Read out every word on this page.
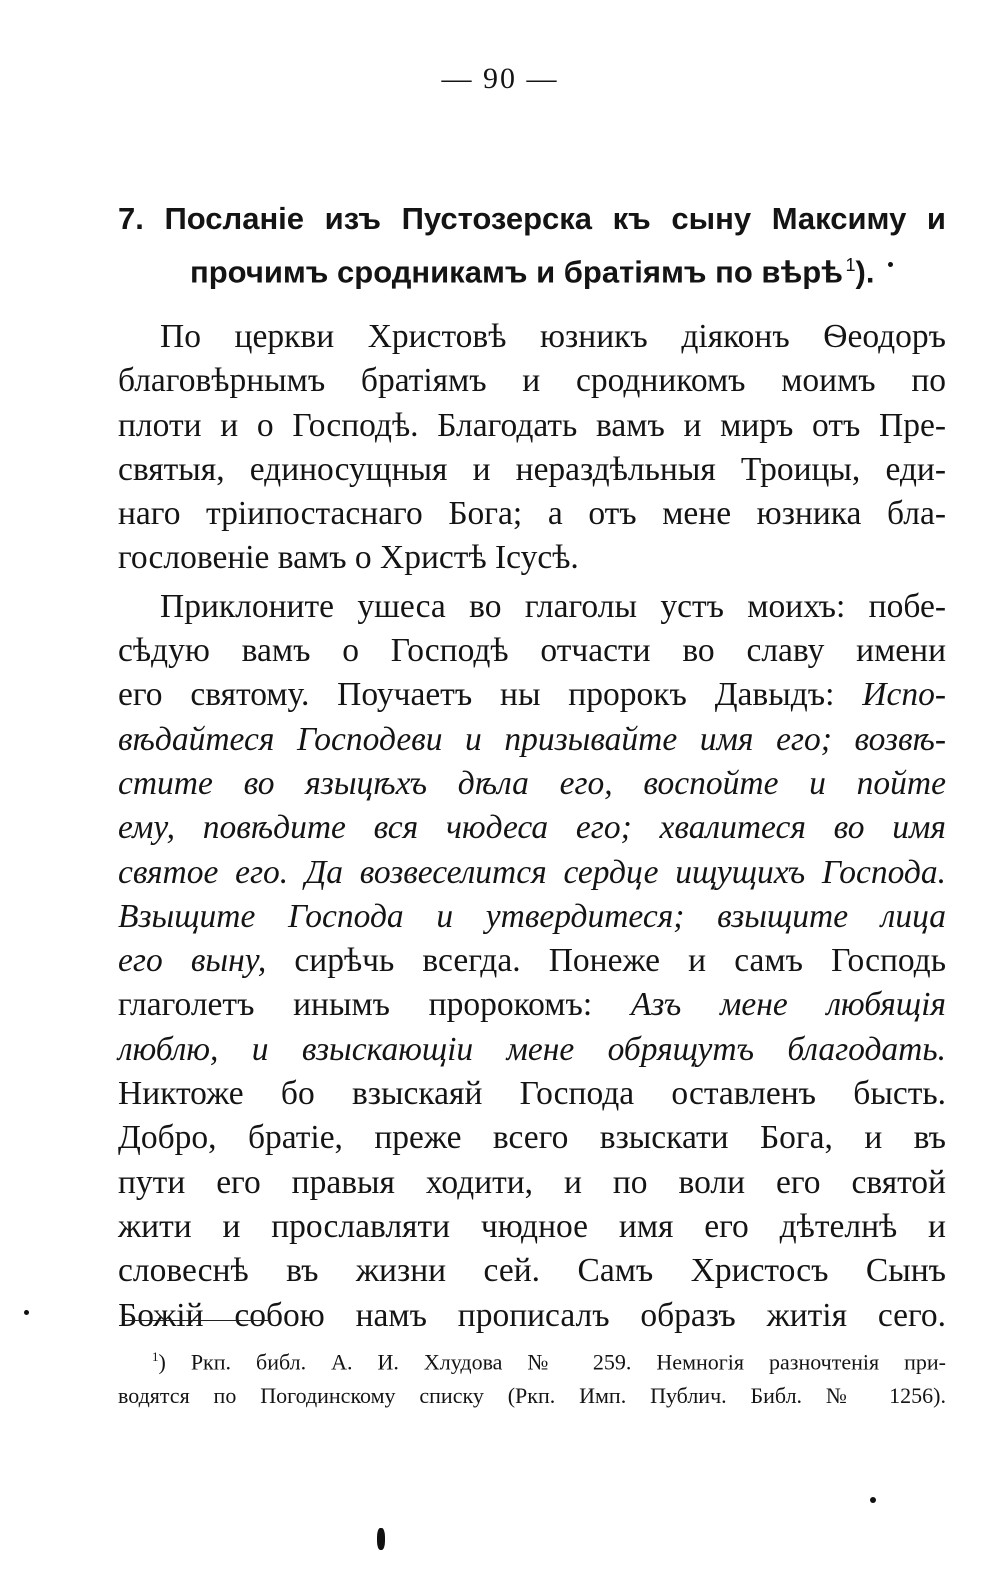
— 90 —
7. Посланіе изъ Пустозерска къ сыну Максиму и
прочимъ сродникамъ и братіямъ по вѣрѣ  $^1$).
По церкви Христовѣ юзникъ діяконъ Ѳеодоръ
благовѣрнымъ братіямъ и сродникомъ моимъ по
плоти и о Господѣ. Благодать вамъ и миръ отъ Пре-
святыя, единосущныя и нераздѣльныя Троицы, еди-
наго тріипостаснаго Бога; а отъ мене юзника бла-
гословеніе вамъ о Христѣ Ісусѣ.
Приклоните ушеса во глаголы устъ моихъ: побе-
сѣдую вамъ о Господѣ отчасти во славу имени
его святому. Поучаетъ ны пророкъ Давыдъ: Испо-
вѣдайтеся Господеви и призывайте имя его; возвѣ-
стите во языцѣхъ дѣла его, воспойте и пойте
ему, повѣдите вся чюдеса его; хвалитеся во имя
святое его. Да возвеселится сердце ищущихъ Господа.
Взыщите Господа и утвердитеся; взыщите лица
его выну, сирѣчь всегда. Понеже и самъ Господь
глаголетъ инымъ пророкомъ: Азъ мене любящія
люблю, и взыскающіи мене обрящутъ благодать.
Никтоже бо взыскаяй Господа оставленъ бысть.
Добро, братіе, преже всего взыскати Бога, и въ
пути его правыя ходити, и по воли его святой
жити и прославляти чюдное имя его дѣтелнѣ и
словеснѣ въ жизни сей. Самъ Христосъ Сынъ
Божій собою намъ прописалъ образъ житія сего.
$^1$) Ркп. библ. А. И. Хлудова № 259. Немногія разночтенія при-
водятся по Погодинскому списку (Ркп. Имп. Публич. Библ. № 1256).
